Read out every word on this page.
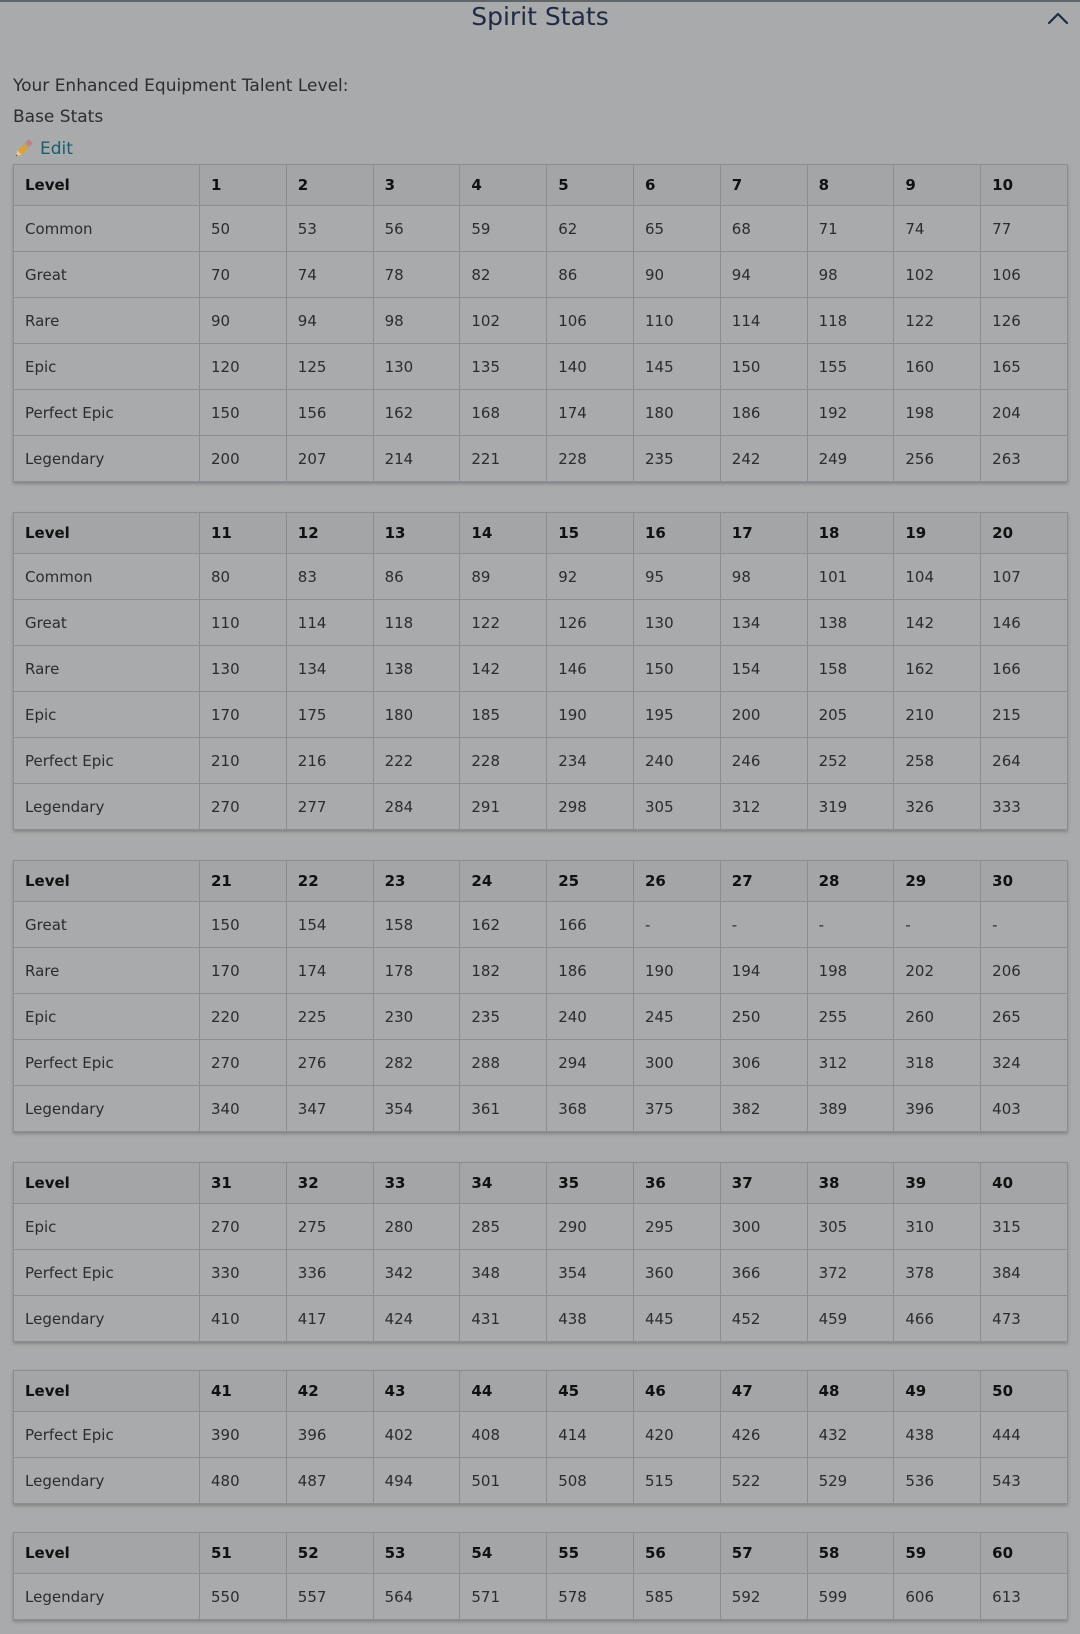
Spirit Stats
Your Enhanced Equipment Talent Level:
Base Stats
Edit
Level	1	2	3	4	5	6	7	8	9	10
Common	50	53	56	59	62	65	68	71	74	77
Great	70	74	78	82	86	90	94	98	102	106
Rare	90	94	98	102	106	110	114	118	122	126
Epic	120	125	130	135	140	145	150	155	160	165
Perfect Epic	150	156	162	168	174	180	186	192	198	204
Legendary	200	207	214	221	228	235	242	249	256	263
Level	11	12	13	14	15	16	17	18	19	20
Common	80	83	86	89	92	95	98	101	104	107
Great	110	114	118	122	126	130	134	138	142	146
Rare	130	134	138	142	146	150	154	158	162	166
Epic	170	175	180	185	190	195	200	205	210	215
Perfect Epic	210	216	222	228	234	240	246	252	258	264
Legendary	270	277	284	291	298	305	312	319	326	333
Level	21	22	23	24	25	26	27	28	29	30
Great	150	154	158	162	166	-	-	-	-	-
Rare	170	174	178	182	186	190	194	198	202	206
Epic	220	225	230	235	240	245	250	255	260	265
Perfect Epic	270	276	282	288	294	300	306	312	318	324
Legendary	340	347	354	361	368	375	382	389	396	403
Level	31	32	33	34	35	36	37	38	39	40
Epic	270	275	280	285	290	295	300	305	310	315
Perfect Epic	330	336	342	348	354	360	366	372	378	384
Legendary	410	417	424	431	438	445	452	459	466	473
Level	41	42	43	44	45	46	47	48	49	50
Perfect Epic	390	396	402	408	414	420	426	432	438	444
Legendary	480	487	494	501	508	515	522	529	536	543
Level	51	52	53	54	55	56	57	58	59	60
Legendary	550	557	564	571	578	585	592	599	606	613
